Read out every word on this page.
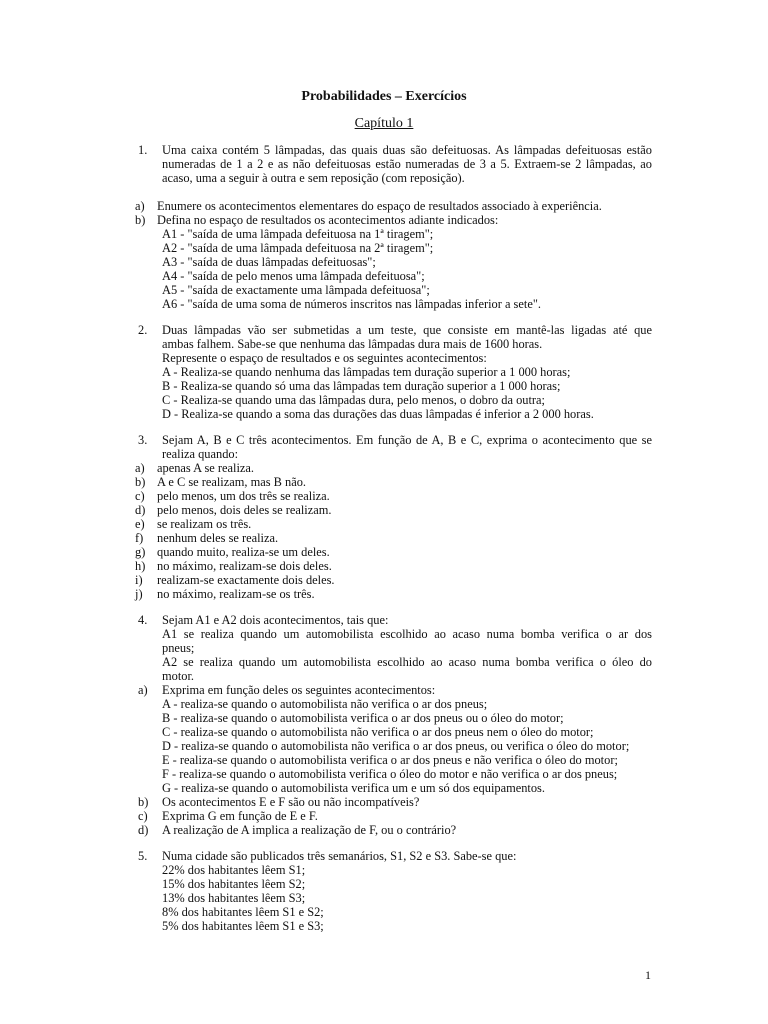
Probabilidades – Exercícios
Capítulo 1
1. Uma caixa contém 5 lâmpadas, das quais duas são defeituosas. As lâmpadas defeituosas estão
numeradas de 1 a 2 e as não defeituosas estão numeradas de 3 a 5. Extraem-se 2 lâmpadas, ao
acaso, uma a seguir à outra e sem reposição (com reposição).
a) Enumere os acontecimentos elementares do espaço de resultados associado à experiência.
b) Defina no espaço de resultados os acontecimentos adiante indicados:
A1 - "saída de uma lâmpada defeituosa na 1ª tiragem";
A2 - "saída de uma lâmpada defeituosa na 2ª tiragem";
A3 - "saída de duas lâmpadas defeituosas";
A4 - "saída de pelo menos uma lâmpada defeituosa";
A5 - "saída de exactamente uma lâmpada defeituosa";
A6 - "saída de uma soma de números inscritos nas lâmpadas inferior a sete".
2. Duas lâmpadas vão ser submetidas a um teste, que consiste em mantê-las ligadas até que
ambas falhem. Sabe-se que nenhuma das lâmpadas dura mais de 1600 horas.
Represente o espaço de resultados e os seguintes acontecimentos:
A - Realiza-se quando nenhuma das lâmpadas tem duração superior a 1 000 horas;
B - Realiza-se quando só uma das lâmpadas tem duração superior a 1 000 horas;
C - Realiza-se quando uma das lâmpadas dura, pelo menos, o dobro da outra;
D - Realiza-se quando a soma das durações das duas lâmpadas é inferior a 2 000 horas.
3. Sejam A, B e C três acontecimentos. Em função de A, B e C, exprima o acontecimento que se
realiza quando:
a) apenas A se realiza.
b) A e C se realizam, mas B não.
c) pelo menos, um dos três se realiza.
d) pelo menos, dois deles se realizam.
e) se realizam os três.
f) nenhum deles se realiza.
g) quando muito, realiza-se um deles.
h) no máximo, realizam-se dois deles.
i) realizam-se exactamente dois deles.
j) no máximo, realizam-se os três.
4. Sejam A1 e A2 dois acontecimentos, tais que:
A1 se realiza quando um automobilista escolhido ao acaso numa bomba verifica o ar dos
pneus;
A2 se realiza quando um automobilista escolhido ao acaso numa bomba verifica o óleo do
motor.
a) Exprima em função deles os seguintes acontecimentos:
A - realiza-se quando o automobilista não verifica o ar dos pneus;
B - realiza-se quando o automobilista verifica o ar dos pneus ou o óleo do motor;
C - realiza-se quando o automobilista não verifica o ar dos pneus nem o óleo do motor;
D - realiza-se quando o automobilista não verifica o ar dos pneus, ou verifica o óleo do motor;
E - realiza-se quando o automobilista verifica o ar dos pneus e não verifica o óleo do motor;
F - realiza-se quando o automobilista verifica o óleo do motor e não verifica o ar dos pneus;
G - realiza-se quando o automobilista verifica um e um só dos equipamentos.
b) Os acontecimentos E e F são ou não incompatíveis?
c) Exprima G em função de E e F.
d) A realização de A implica a realização de F, ou o contrário?
5. Numa cidade são publicados três semanários, S1, S2 e S3. Sabe-se que:
22% dos habitantes lêem S1;
15% dos habitantes lêem S2;
13% dos habitantes lêem S3;
8% dos habitantes lêem S1 e S2;
5% dos habitantes lêem S1 e S3;
1
